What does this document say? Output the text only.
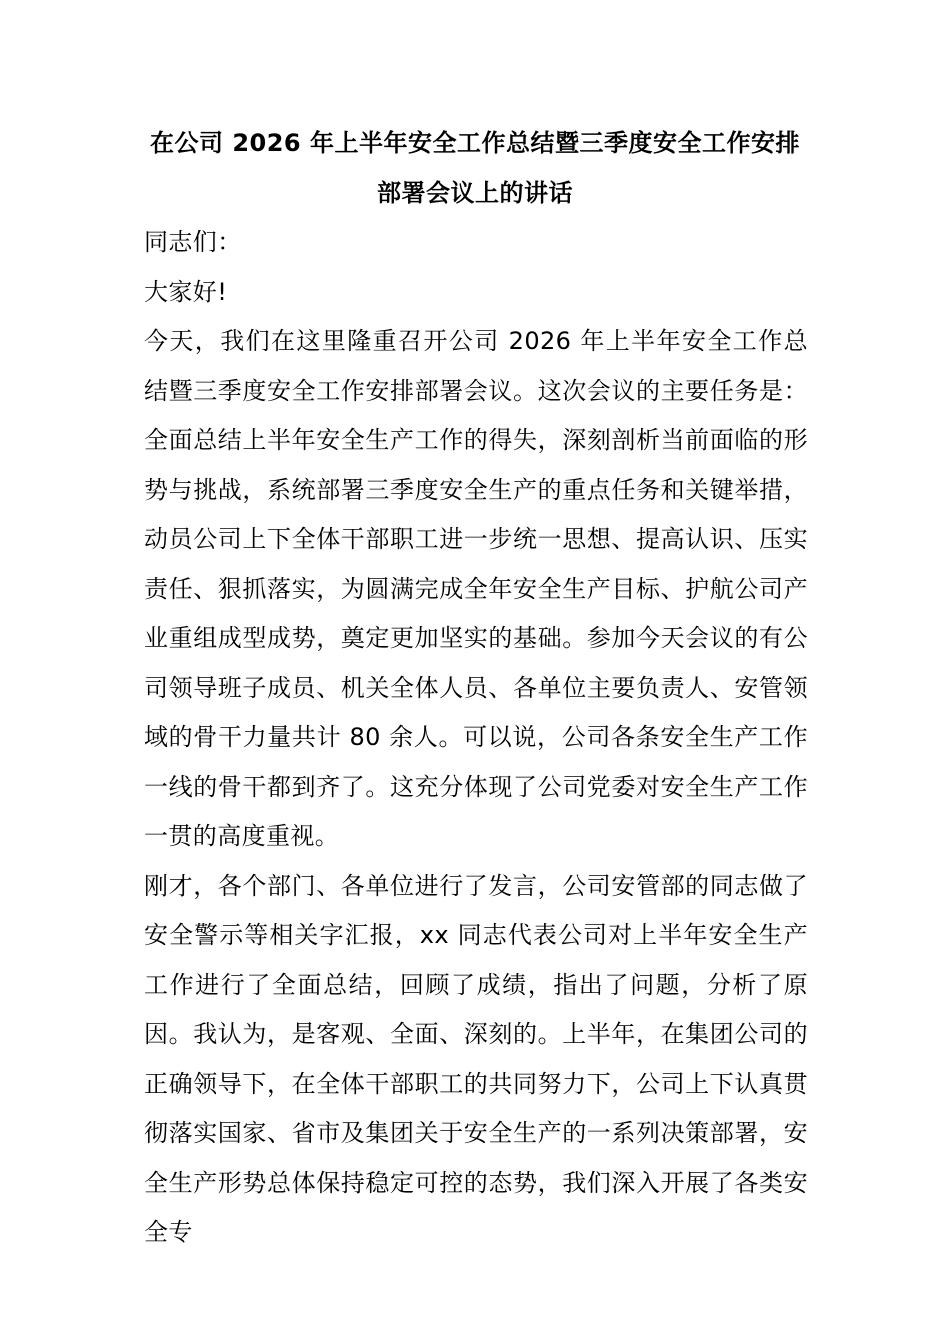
在公司 2026 年上半年安全工作总结暨三季度安全工作安排部署会议上的讲话

同志们：

大家好!

今天，我们在这里隆重召开公司 2026 年上半年安全工作总结暨三季度安全工作安排部署会议。这次会议的主要任务是：全面总结上半年安全生产工作的得失，深刻剖析当前面临的形势与挑战，系统部署三季度安全生产的重点任务和关键举措，动员公司上下全体干部职工进一步统一思想、提高认识、压实责任、狠抓落实，为圆满完成全年安全生产目标、护航公司产业重组成型成势，奠定更加坚实的基础。参加今天会议的有公司领导班子成员、机关全体人员、各单位主要负责人、安管领域的骨干力量共计 80 余人。可以说，公司各条安全生产工作一线的骨干都到齐了。这充分体现了公司党委对安全生产工作一贯的高度重视。

刚才，各个部门、各单位进行了发言，公司安管部的同志做了安全警示等相关字汇报，xx 同志代表公司对上半年安全生产工作进行了全面总结，回顾了成绩，指出了问题，分析了原因。我认为，是客观、全面、深刻的。上半年，在集团公司的正确领导下，在全体干部职工的共同努力下，公司上下认真贯彻落实国家、省市及集团关于安全生产的一系列决策部署，安全生产形势总体保持稳定可控的态势，我们深入开展了各类安全专
